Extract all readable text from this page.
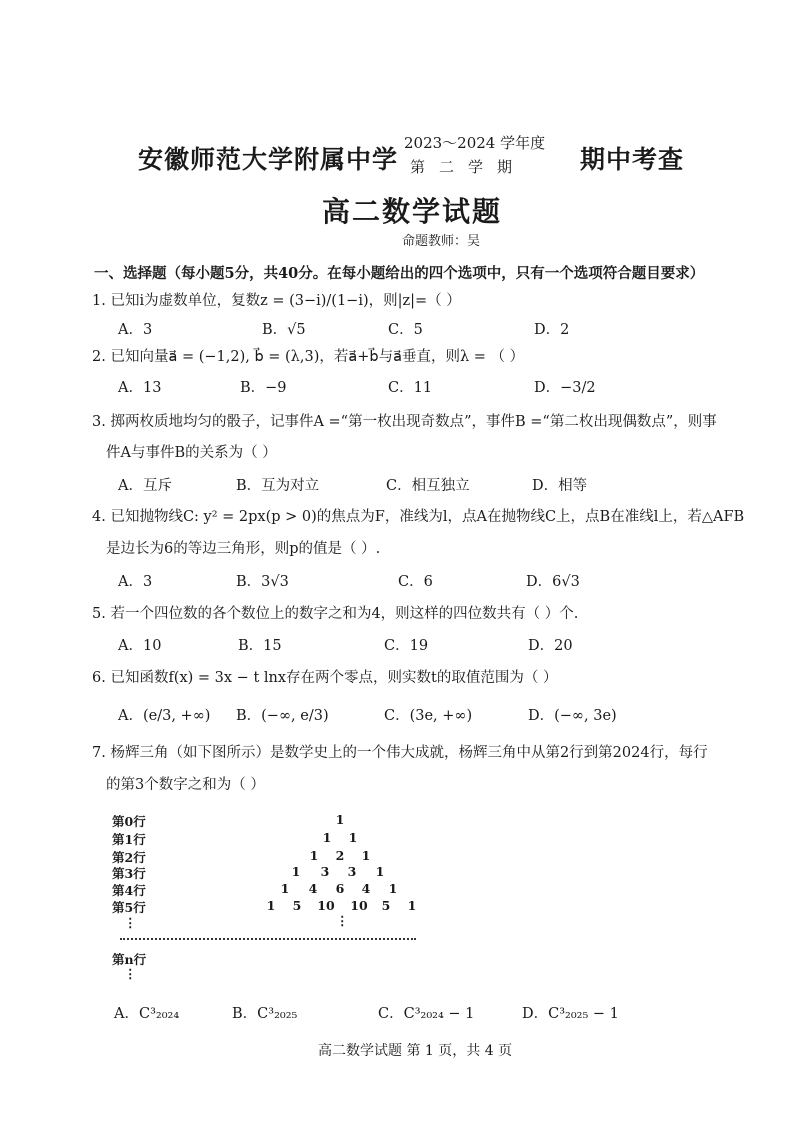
安徽师范大学附属中学
2023～2024 学年度
第二学期 期中考查
高二数学试题
命题教师：吴
一、选择题（每小题5分，共40分。在每小题给出的四个选项中，只有一个选项符合题目要求）
1. 已知i为虚数单位，复数z = (3−i)/(1−i)，则|z|=（ ）
A．3	B．√5	C．5	D．2
2. 已知向量a⃗ = (−1,2), b⃗ = (λ,3)，若a⃗+b⃗与a⃗垂直，则λ = （ ）
A．13	B．−9	C．11	D．−3/2
3. 掷两枚质地均匀的骰子，记事件A =“第一枚出现奇数点”，事件B =“第二枚出现偶数点”，则事
件A与事件B的关系为（ ）
A．互斥	B．互为对立	C．相互独立	D．相等
4. 已知抛物线C: y² = 2px(p > 0)的焦点为F，准线为l，点A在抛物线C上，点B在准线l上，若△AFB
是边长为6的等边三角形，则p的值是（ ）.
A．3	B．3√3	C．6	D．6√3
5. 若一个四位数的各个数位上的数字之和为4，则这样的四位数共有（ ）个.
A．10	B．15	C．19	D．20
6. 已知函数f(x) = 3x − t lnx存在两个零点，则实数t的取值范围为（ ）
A．(e/3, +∞) B．(−∞, e/3)	C．(3e, +∞)	D．(−∞, 3e)
7. 杨辉三角（如下图所示）是数学史上的一个伟大成就，杨辉三角中从第2行到第2024行，每行
的第3个数字之和为（ ）
第0行
第1行
第2行
第3行
第4行
第5行
1
1	1
1	2	1
1	3	3	1
1	4	6	4	1
1	5	10 10	5	1
⋮	⋮
第n行
⋮
A．C³₂₀₂₄	B．C³₂₀₂₅	C．C³₂₀₂₄ − 1	D．C³₂₀₂₅ − 1
高二数学试题 第 1 页，共 4 页
